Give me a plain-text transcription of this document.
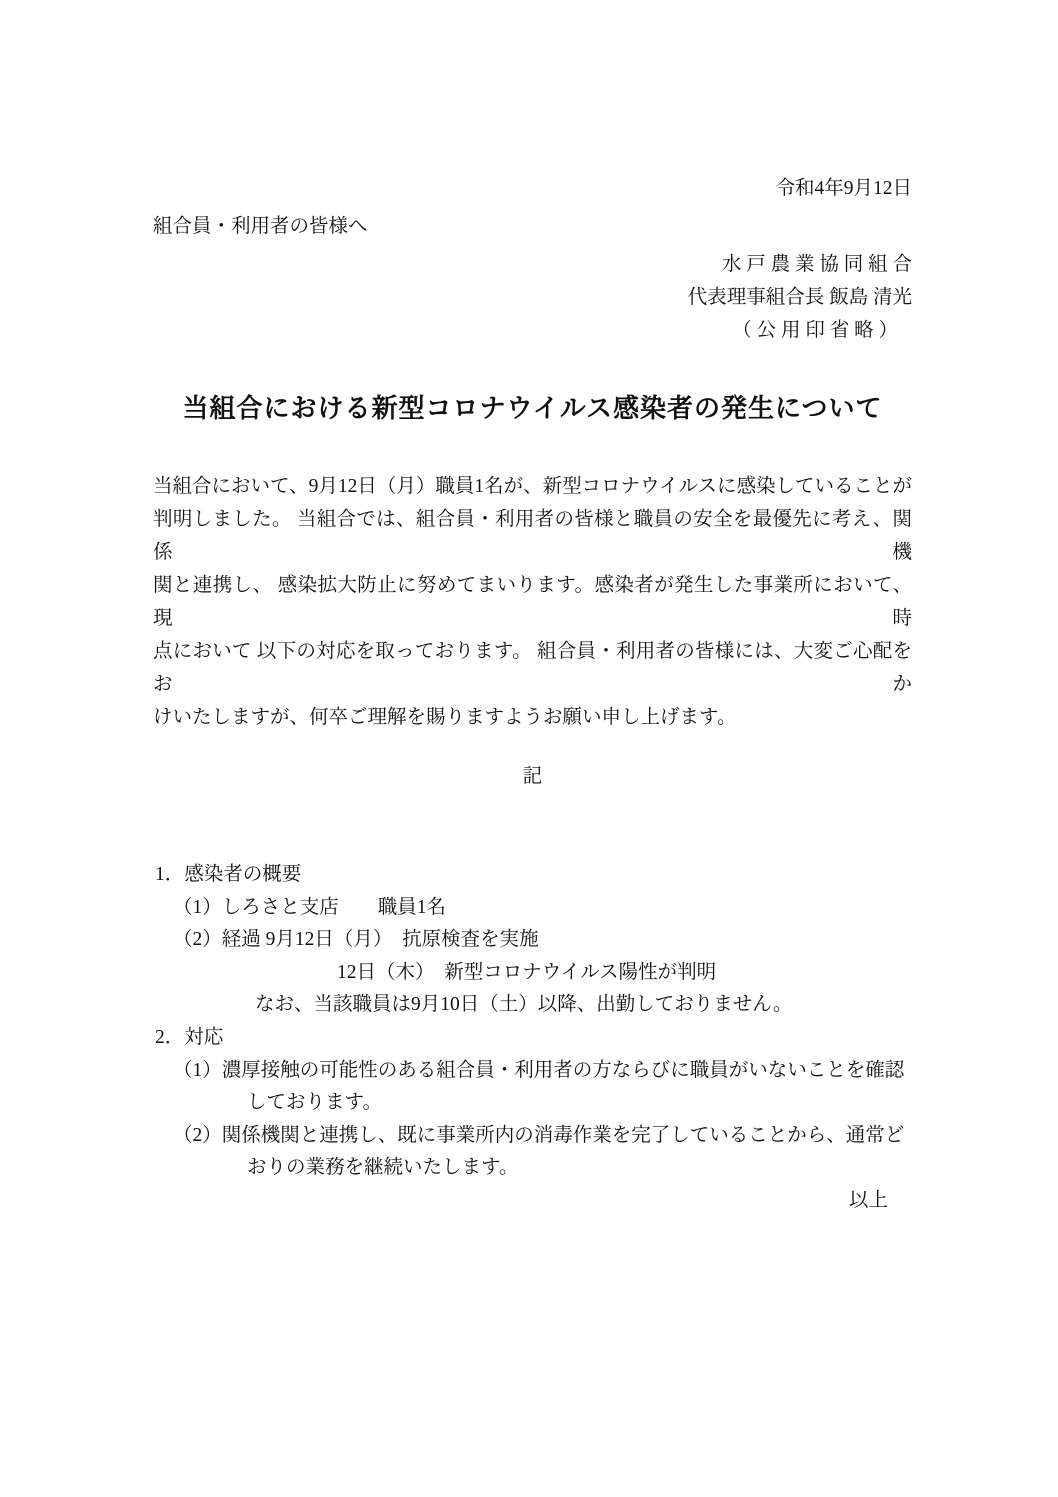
令和4年9月12日
組合員・利用者の皆様へ
水 戸 農 業 協 同 組 合
代表理事組合長 飯島 清光
（ 公 用 印 省 略 ）
当組合における新型コロナウイルス感染者の発生について
当組合において、9月12日（月）職員1名が、新型コロナウイルスに感染していることが
判明しました。 当組合では、組合員・利用者の皆様と職員の安全を最優先に考え、関係機
関と連携し、 感染拡大防止に努めてまいります。感染者が発生した事業所において、現時
点において 以下の対応を取っております。 組合員・利用者の皆様には、大変ご心配をおか
けいたしますが、何卒ご理解を賜りますようお願い申し上げます。
記
1．感染者の概要
（1）しろさと支店　　職員1名
（2）経過 9月12日（月）　抗原検査を実施
12日（木）　新型コロナウイルス陽性が判明
なお、当該職員は9月10日（土）以降、出勤しておりません。
2．対応
（1）濃厚接触の可能性のある組合員・利用者の方ならびに職員がいないことを確認
しております。
（2）関係機関と連携し、既に事業所内の消毒作業を完了していることから、通常ど
おりの業務を継続いたします。
以上
